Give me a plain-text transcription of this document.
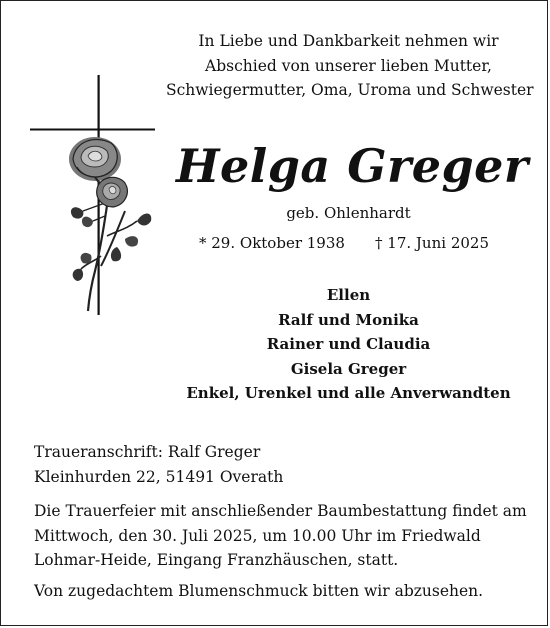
In Liebe und Dankbarkeit nehmen wir
Abschied von unserer lieben Mutter,
Schwiegermutter, Oma, Uroma und Schwester
Helga Greger
geb. Ohlenhardt
* 29. Oktober 1938 † 17. Juni 2025
Ellen
Ralf und Monika
Rainer und Claudia
Gisela Greger
Enkel, Urenkel und alle Anverwandten
Traueranschrift: Ralf Greger
Kleinhurden 22, 51491 Overath
Die Trauerfeier mit anschließender Baumbestattung findet am
Mittwoch, den 30. Juli 2025, um 10.00 Uhr im Friedwald
Lohmar-Heide, Eingang Franzhäuschen, statt.
Von zugedachtem Blumenschmuck bitten wir abzusehen.
